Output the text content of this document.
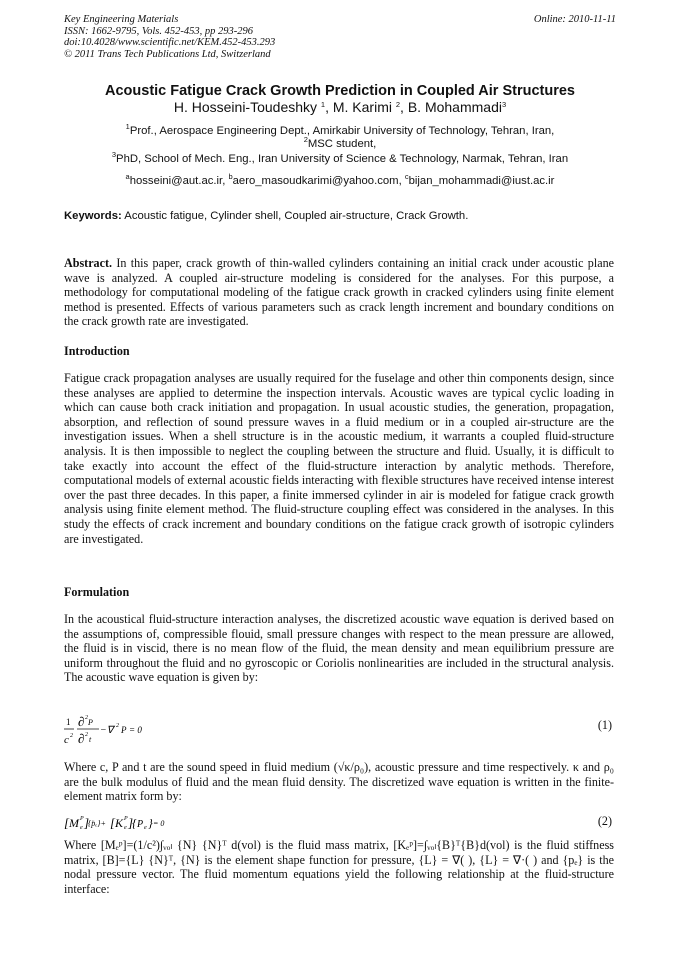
Key Engineering Materials
ISSN: 1662-9795, Vols. 452-453, pp 293-296
doi:10.4028/www.scientific.net/KEM.452-453.293
© 2011 Trans Tech Publications Ltd, Switzerland
Online: 2010-11-11
Acoustic Fatigue Crack Growth Prediction in Coupled Air Structures
H. Hosseini-Toudeshky $^1$, M. Karimi $^2$, B. Mohammadi$^3$
$^1$Prof., Aerospace Engineering Dept., Amirkabir University of Technology, Tehran, Iran,
$^2$MSC student,
$^3$PhD, School of Mech. Eng., Iran University of Science & Technology, Narmak, Tehran, Iran
$^a$hosseini@aut.ac.ir, $^b$aero_masoudkarimi@yahoo.com, $^c$bijan_mohammadi@iust.ac.ir
Keywords: Acoustic fatigue, Cylinder shell, Coupled air-structure, Crack Growth.
Abstract. In this paper, crack growth of thin-walled cylinders containing an initial crack under acoustic plane wave is analyzed. A coupled air-structure modeling is considered for the analyses. For this purpose, a methodology for computational modeling of the fatigue crack growth in cracked cylinders using finite element method is presented. Effects of various parameters such as crack length increment and boundary conditions on the crack growth rate are investigated.
Introduction
Fatigue crack propagation analyses are usually required for the fuselage and other thin components design, since these analyses are applied to determine the inspection intervals. Acoustic waves are typical cyclic loading in which can cause both crack initiation and propagation. In usual acoustic studies, the generation, propagation, absorption, and reflection of sound pressure waves in a fluid medium or in a coupled air-structure are the investigation issues. When a shell structure is in the acoustic medium, it warrants a coupled fluid-structure analysis. It is then impossible to neglect the coupling between the structure and fluid. Usually, it is difficult to take exactly into account the effect of the fluid-structure interaction by analytic methods. Therefore, computational models of external acoustic fields interacting with flexible structures have received intense interest over the past three decades. In this paper, a finite immersed cylinder in air is modeled for fatigue crack growth analysis using finite element method. The fluid-structure coupling effect was considered in the analyses. In this study the effects of crack increment and boundary conditions on the fatigue crack growth of isotropic cylinders are investigated.
Formulation
In the acoustical fluid-structure interaction analyses, the discretized acoustic wave equation is derived based on the assumptions of, compressible flouid, small pressure changes with respect to the mean pressure are allowed, the fluid is in viscid, there is no mean flow of the fluid, the mean density and mean equilibrium pressure are uniform throughout the fluid and no gyroscopic or Coriolis nonlinearities are included in the structural analysis. The acoustic wave equation is given by:
1
c 2
∂ 2 P
∂ 2 t
−∇ 2 P = 0	(1)
Where c, P and t are the sound speed in fluid medium (√κ/ρ₀), acoustic pressure and time respectively. κ and ρ₀ are the bulk modulus of fluid and the mean fluid density. The discretized wave equation is written in the finite-element matrix form by:
[ M P
e ]
{p̈ₑ}+ [ K P
e ]
{ P e } = 0	(2)
Where [Mₑᵖ]=(1/c²)∫ᵥₒₗ {N} {N}ᵀ d(vol) is the fluid mass matrix, [Kₑᵖ]=∫ᵥₒₗ{B}ᵀ{B}d(vol) is the fluid stiffness matrix, [B]={L} {N}ᵀ, {N} is the element shape function for pressure, {L} = ∇( ), {L} = ∇·( ) and {pₑ} is the nodal pressure vector. The fluid momentum equations yield the following relationship at the fluid-structure interface:
